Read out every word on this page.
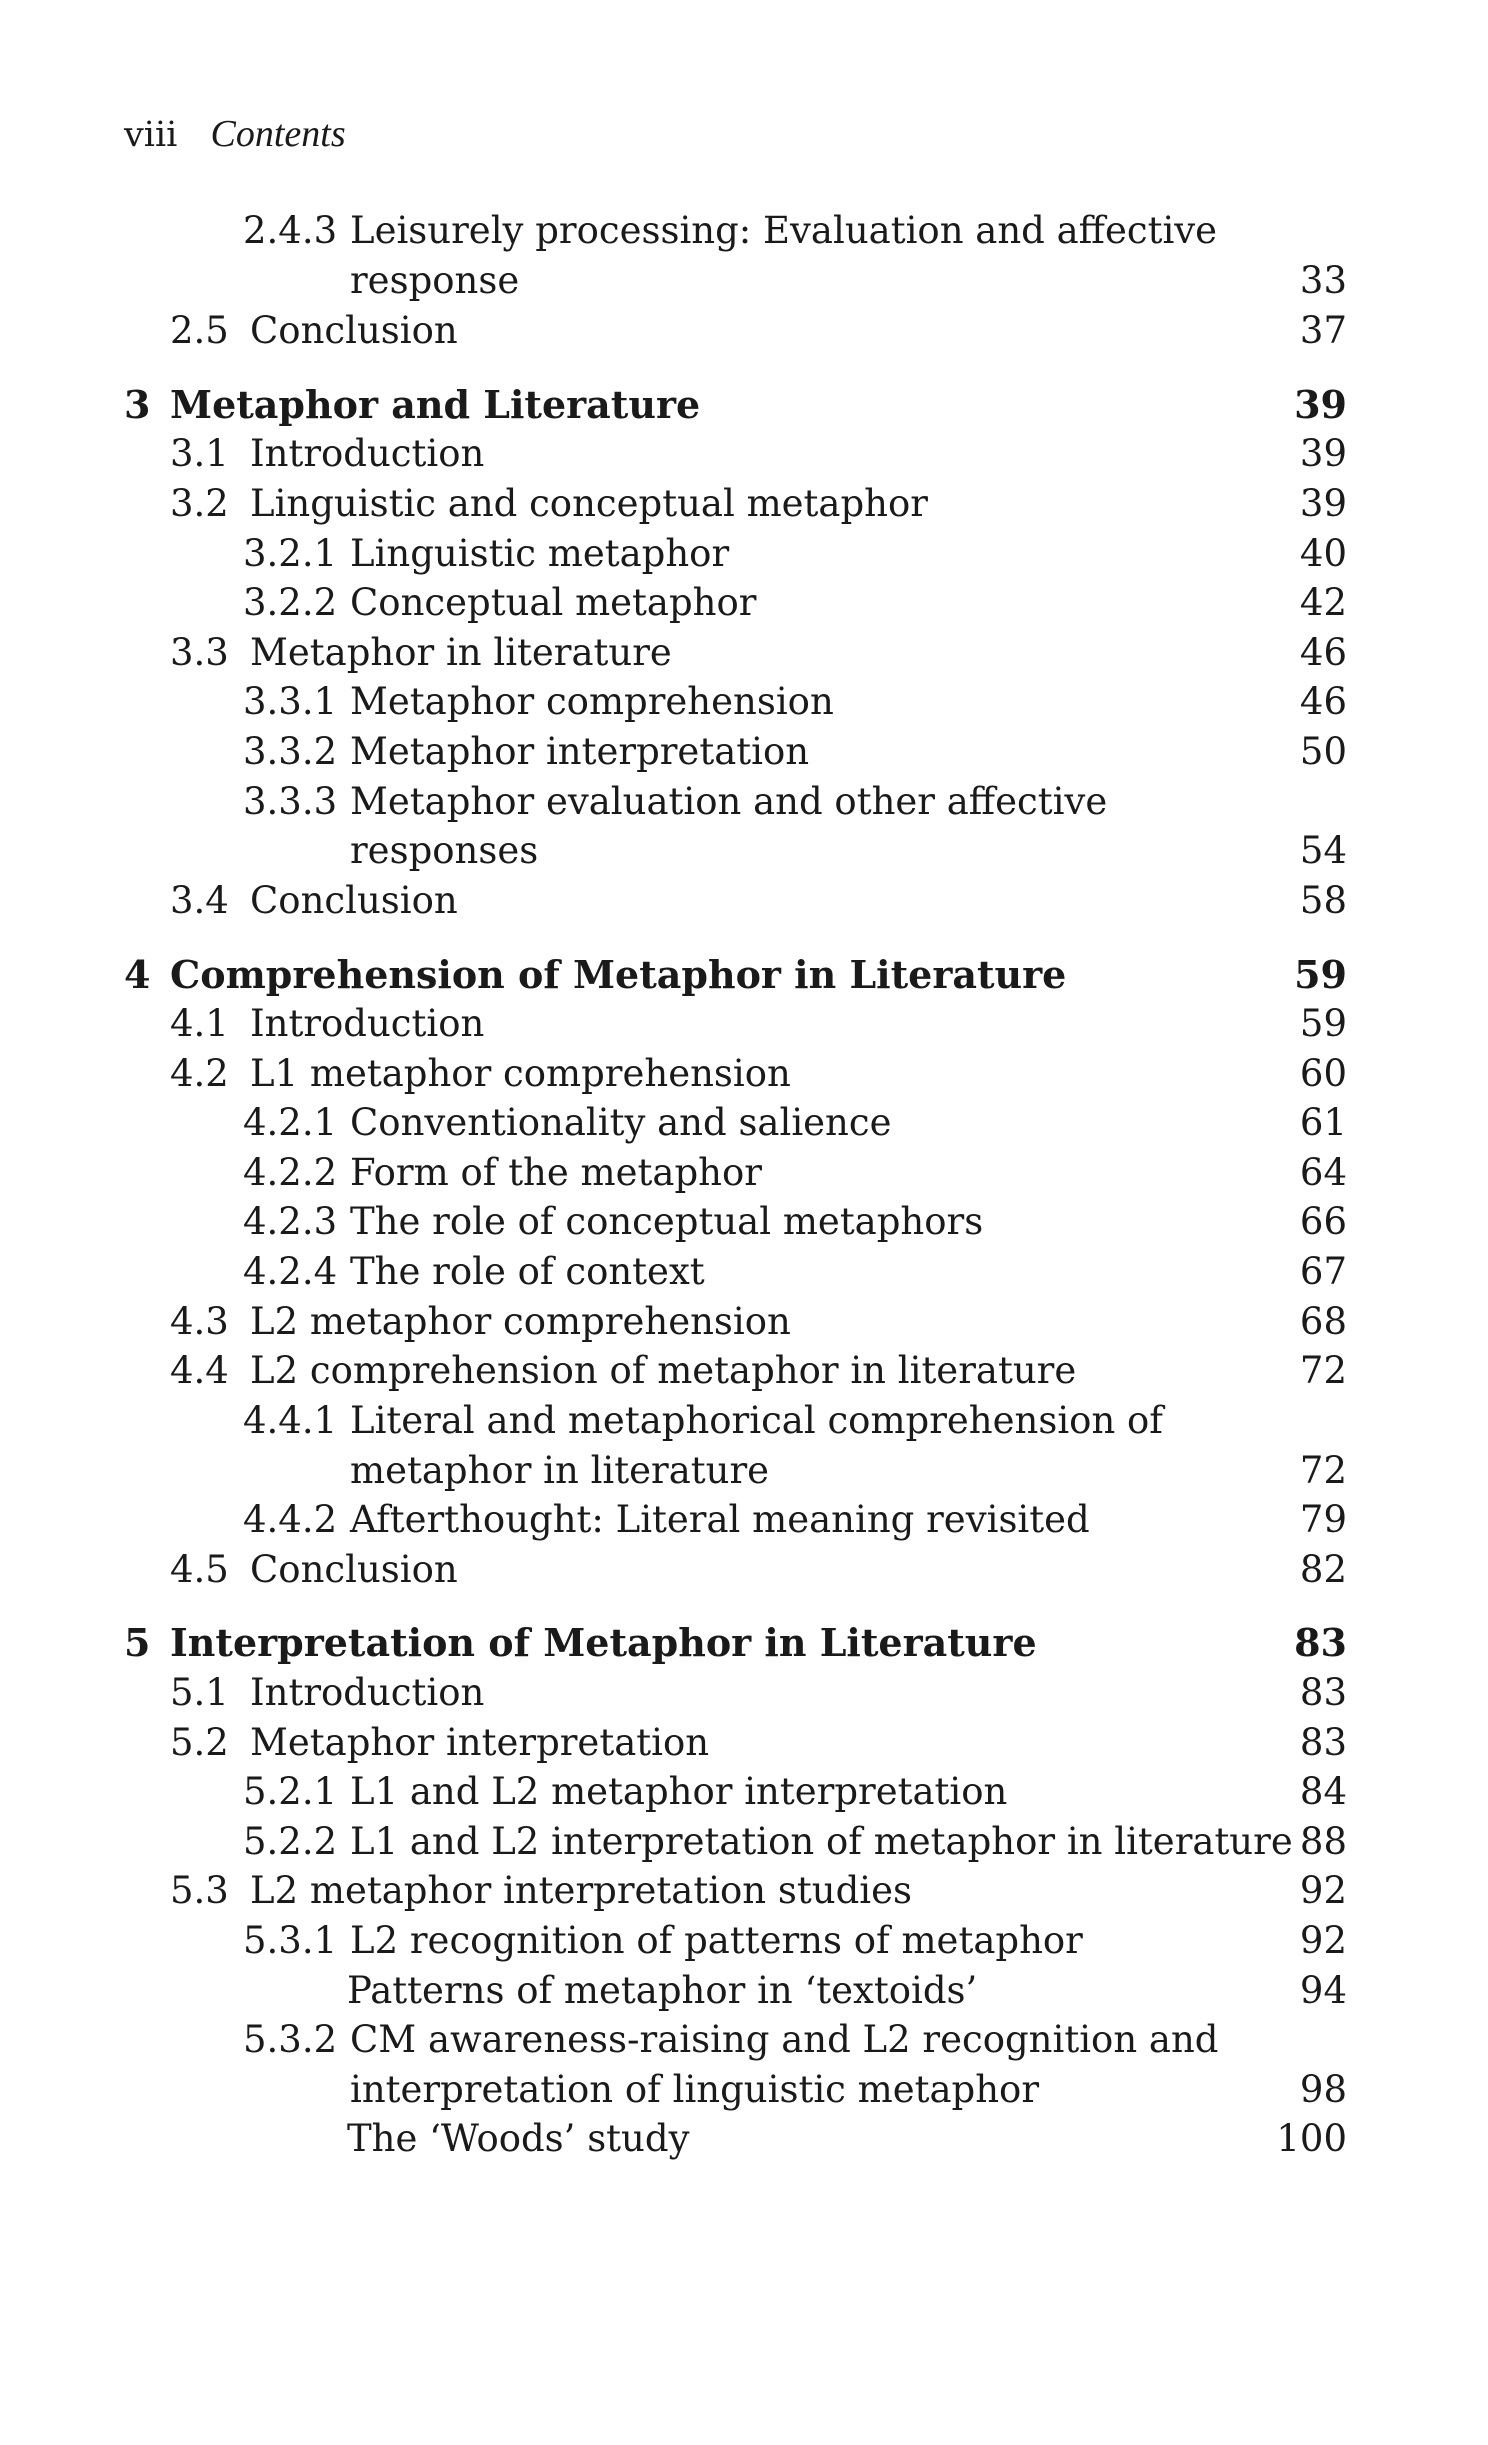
viii Contents
2.4.3 Leisurely processing: Evaluation and affective
response	33
2.5 Conclusion	37
3 Metaphor and Literature	39
3.1 Introduction	39
3.2 Linguistic and conceptual metaphor	39
3.2.1 Linguistic metaphor	40
3.2.2 Conceptual metaphor	42
3.3 Metaphor in literature	46
3.3.1 Metaphor comprehension	46
3.3.2 Metaphor interpretation	50
3.3.3 Metaphor evaluation and other affective
responses	54
3.4 Conclusion	58
4 Comprehension of Metaphor in Literature	59
4.1 Introduction	59
4.2 L1 metaphor comprehension	60
4.2.1 Conventionality and salience	61
4.2.2 Form of the metaphor	64
4.2.3 The role of conceptual metaphors	66
4.2.4 The role of context	67
4.3 L2 metaphor comprehension	68
4.4 L2 comprehension of metaphor in literature	72
4.4.1 Literal and metaphorical comprehension of
metaphor in literature	72
4.4.2 Afterthought: Literal meaning revisited	79
4.5 Conclusion	82
5 Interpretation of Metaphor in Literature	83
5.1 Introduction	83
5.2 Metaphor interpretation	83
5.2.1 L1 and L2 metaphor interpretation	84
5.2.2 L1 and L2 interpretation of metaphor in literature 88
5.3 L2 metaphor interpretation studies	92
5.3.1 L2 recognition of patterns of metaphor	92
Patterns of metaphor in ‘textoids’	94
5.3.2 CM awareness-raising and L2 recognition and
interpretation of linguistic metaphor	98
The ‘Woods’ study	100
